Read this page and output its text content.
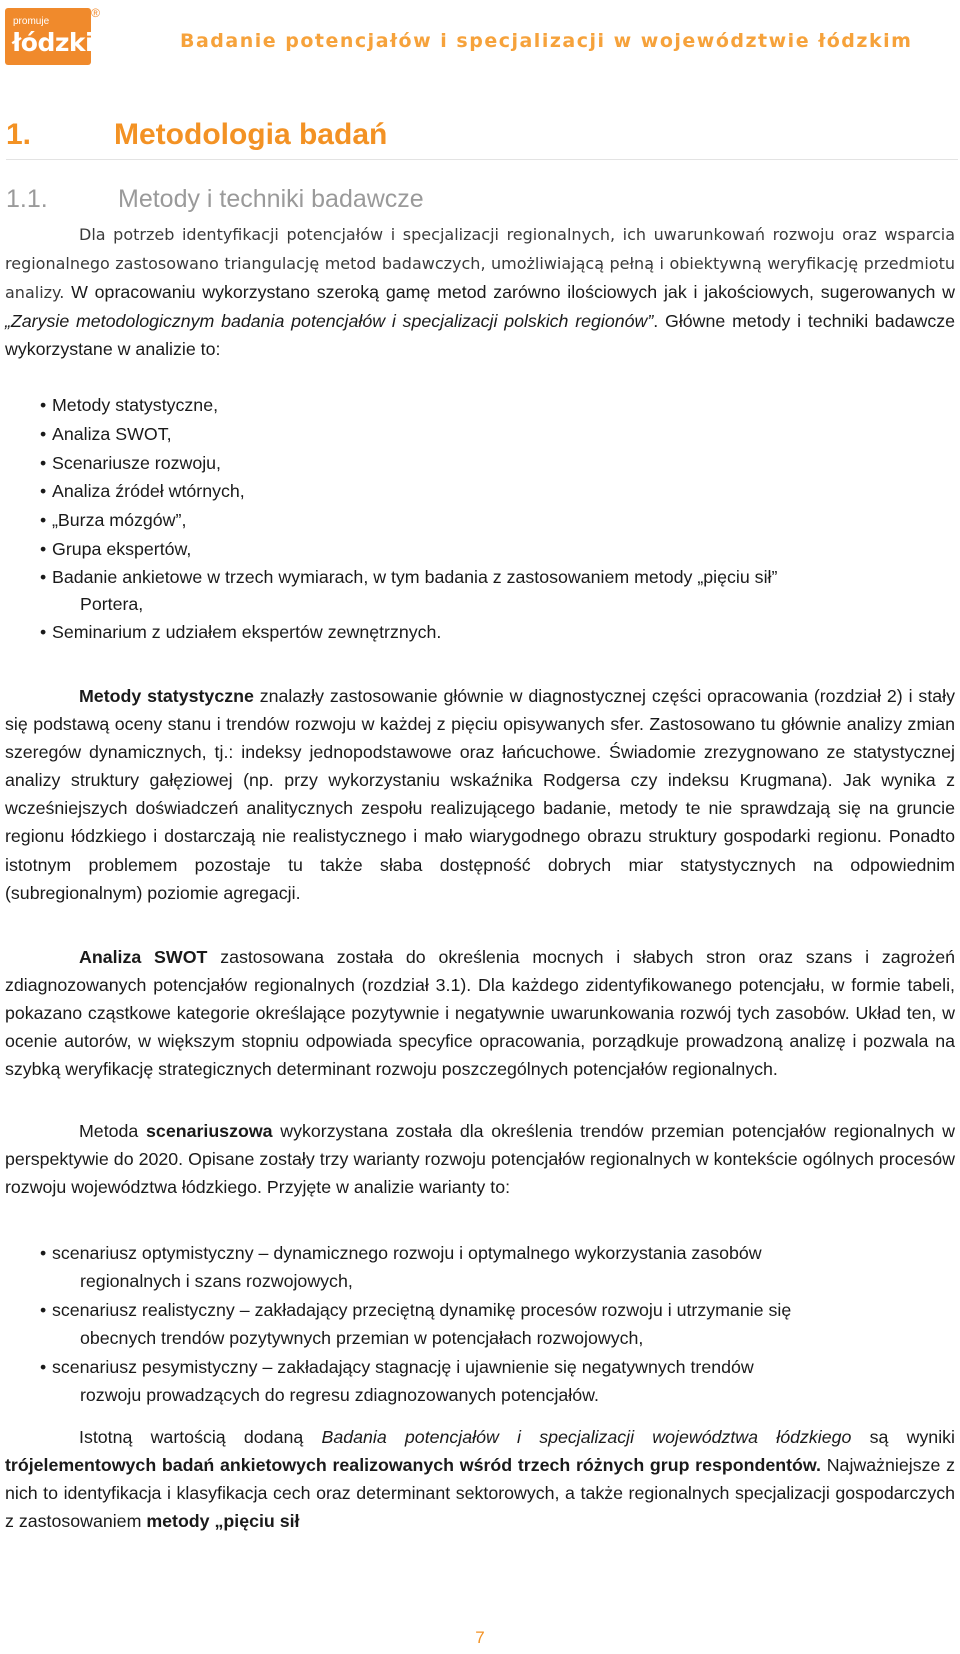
promuje
łódzkie
®
Badanie potencjałów i specjalizacji w województwie łódzkim
1.	Metodologia badań
1.1.	Metody i techniki badawcze
Dla potrzeb identyfikacji potencjałów i specjalizacji regionalnych, ich uwarunkowań rozwoju oraz wsparcia regionalnego zastosowano triangulację metod badawczych, umożliwiającą pełną i obiektywną weryfikację przedmiotu analizy. W opracowaniu wykorzystano szeroką gamę metod zarówno ilościowych jak i jakościowych, sugerowanych w „Zarysie metodologicznym badania potencjałów i specjalizacji polskich regionów”. Główne metody i techniki badawcze wykorzystane w analizie to:
• Metody statystyczne,
• Analiza SWOT,
• Scenariusze rozwoju,
• Analiza źródeł wtórnych,
• „Burza mózgów”,
• Grupa ekspertów,
• Badanie ankietowe w trzech wymiarach, w tym badania z zastosowaniem metody „pięciu sił”
Portera,
• Seminarium z udziałem ekspertów zewnętrznych.
Metody statystyczne znalazły zastosowanie głównie w diagnostycznej części opracowania (rozdział 2) i stały się podstawą oceny stanu i trendów rozwoju w każdej z pięciu opisywanych sfer. Zastosowano tu głównie analizy zmian szeregów dynamicznych, tj.: indeksy jednopodstawowe oraz łańcuchowe. Świadomie zrezygnowano ze statystycznej analizy struktury gałęziowej (np. przy wykorzystaniu wskaźnika Rodgersa czy indeksu Krugmana). Jak wynika z wcześniejszych doświadczeń analitycznych zespołu realizującego badanie, metody te nie sprawdzają się na gruncie regionu łódzkiego i dostarczają nie realistycznego i mało wiarygodnego obrazu struktury gospodarki regionu. Ponadto istotnym problemem pozostaje tu także słaba dostępność dobrych miar statystycznych na odpowiednim (subregionalnym) poziomie agregacji.
Analiza SWOT zastosowana została do określenia mocnych i słabych stron oraz szans i zagrożeń zdiagnozowanych potencjałów regionalnych (rozdział 3.1). Dla każdego zidentyfikowanego potencjału, w formie tabeli, pokazano cząstkowe kategorie określające pozytywnie i negatywnie uwarunkowania rozwój tych zasobów. Układ ten, w ocenie autorów, w większym stopniu odpowiada specyfice opracowania, porządkuje prowadzoną analizę i pozwala na szybką weryfikację strategicznych determinant rozwoju poszczególnych potencjałów regionalnych.
Metoda scenariuszowa wykorzystana została dla określenia trendów przemian potencjałów regionalnych w perspektywie do 2020. Opisane zostały trzy warianty rozwoju potencjałów regionalnych w kontekście ogólnych procesów rozwoju województwa łódzkiego. Przyjęte w analizie warianty to:
• scenariusz optymistyczny – dynamicznego rozwoju i optymalnego wykorzystania zasobów
regionalnych i szans rozwojowych,
• scenariusz realistyczny – zakładający przeciętną dynamikę procesów rozwoju i utrzymanie się
obecnych trendów pozytywnych przemian w potencjałach rozwojowych,
• scenariusz pesymistyczny – zakładający stagnację i ujawnienie się negatywnych trendów
rozwoju prowadzących do regresu zdiagnozowanych potencjałów.
Istotną wartością dodaną Badania potencjałów i specjalizacji województwa łódzkiego są wyniki trójelementowych badań ankietowych realizowanych wśród trzech różnych grup respondentów. Najważniejsze z nich to identyfikacja i klasyfikacja cech oraz determinant sektorowych, a także regionalnych specjalizacji gospodarczych z zastosowaniem metody „pięciu sił
7
